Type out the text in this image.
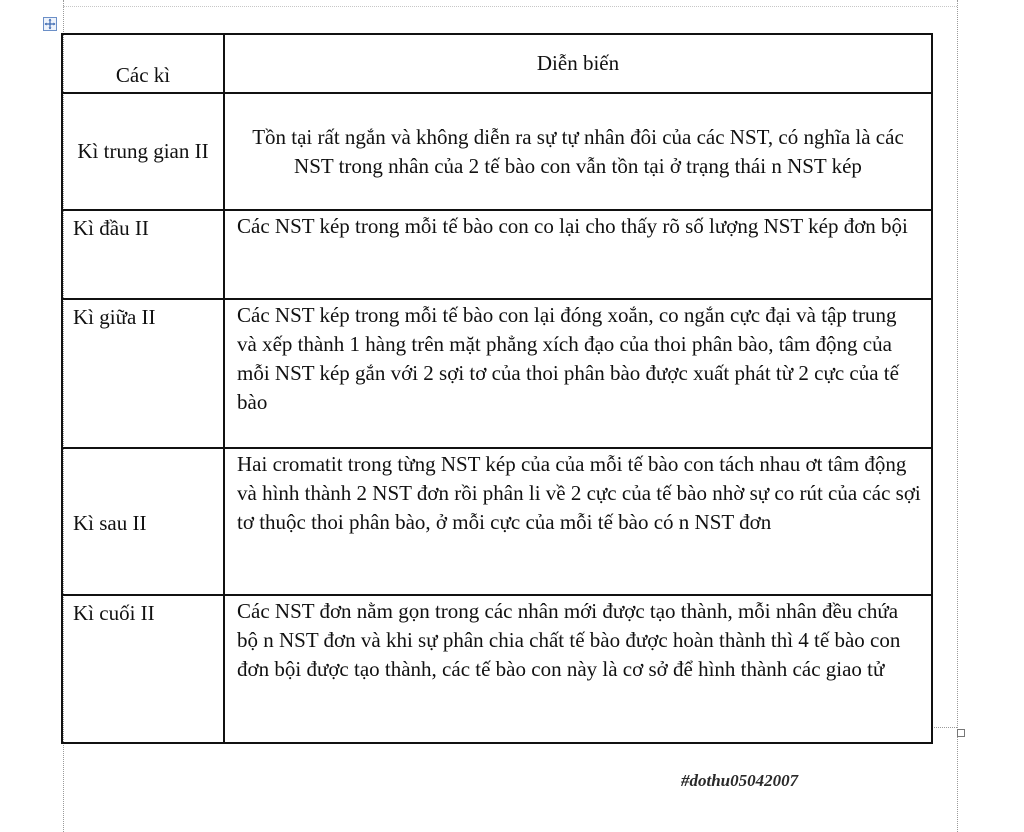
Các kì	Diễn biến
Kì trung gian II	Tồn tại rất ngắn và không diễn ra sự tự nhân đôi của các NST, có nghĩa là các NST trong nhân của 2 tế bào con vẫn tồn tại ở trạng thái n NST kép
Kì đầu II	Các NST kép trong mỗi tế bào con co lại cho thấy rõ số lượng NST kép đơn bội
Kì giữa II	Các NST kép trong mỗi tế bào con lại đóng xoắn, co ngắn cực đại và tập trung và xếp thành 1 hàng trên mặt phẳng xích đạo của thoi phân bào, tâm động của mỗi NST kép gắn với 2 sợi tơ của thoi phân bào được xuất phát từ 2 cực của tế bào
Kì sau II	Hai cromatit trong từng NST kép của của mỗi tế bào con tách nhau ơt tâm động và hình thành 2 NST đơn rồi phân li về 2 cực của tế bào nhờ sự co rút của các sợi tơ thuộc thoi phân bào, ở mỗi cực của mỗi tế bào có n NST đơn
Kì cuối II	Các NST đơn nằm gọn trong các nhân mới được tạo thành, mỗi nhân đều chứa bộ n NST đơn và khi sự phân chia chất tế bào được hoàn thành thì 4 tế bào con đơn bội được tạo thành, các tế bào con này là cơ sở để hình thành các giao tử
#dothu05042007
